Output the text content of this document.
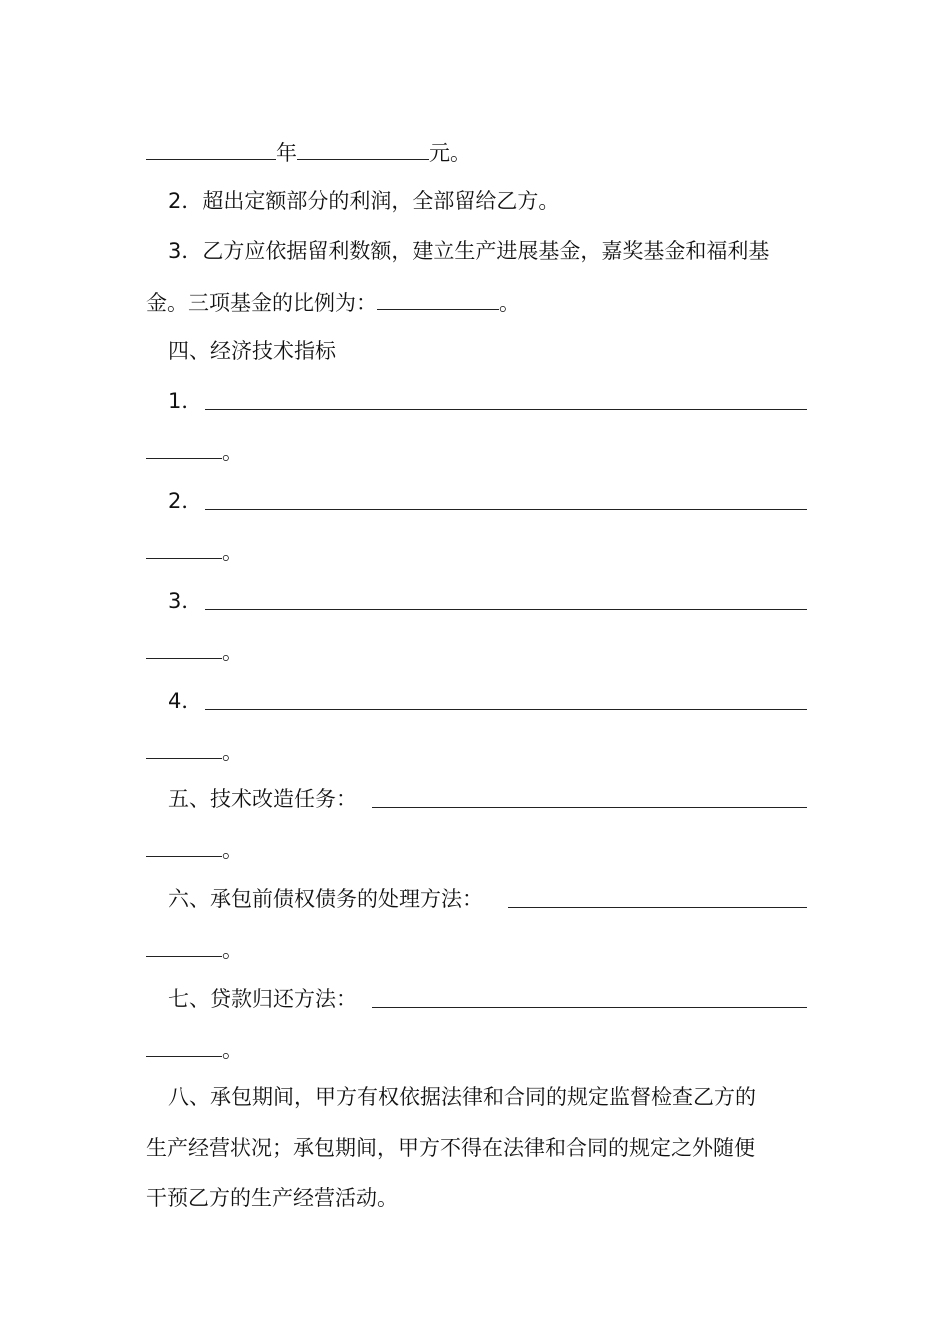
年	元。
2．超出定额部分的利润，全部留给乙方。
3．乙方应依据留利数额，建立生产进展基金，嘉奖基金和福利基
金。三项基金的比例为：	。
四、经济技术指标
1．
。
2．
。
3．
。
4．
。
五、技术改造任务：
。
六、承包前债权债务的处理方法：
。
七、贷款归还方法：
。
八、承包期间，甲方有权依据法律和合同的规定监督检查乙方的
生产经营状况；承包期间，甲方不得在法律和合同的规定之外随便
干预乙方的生产经营活动。
